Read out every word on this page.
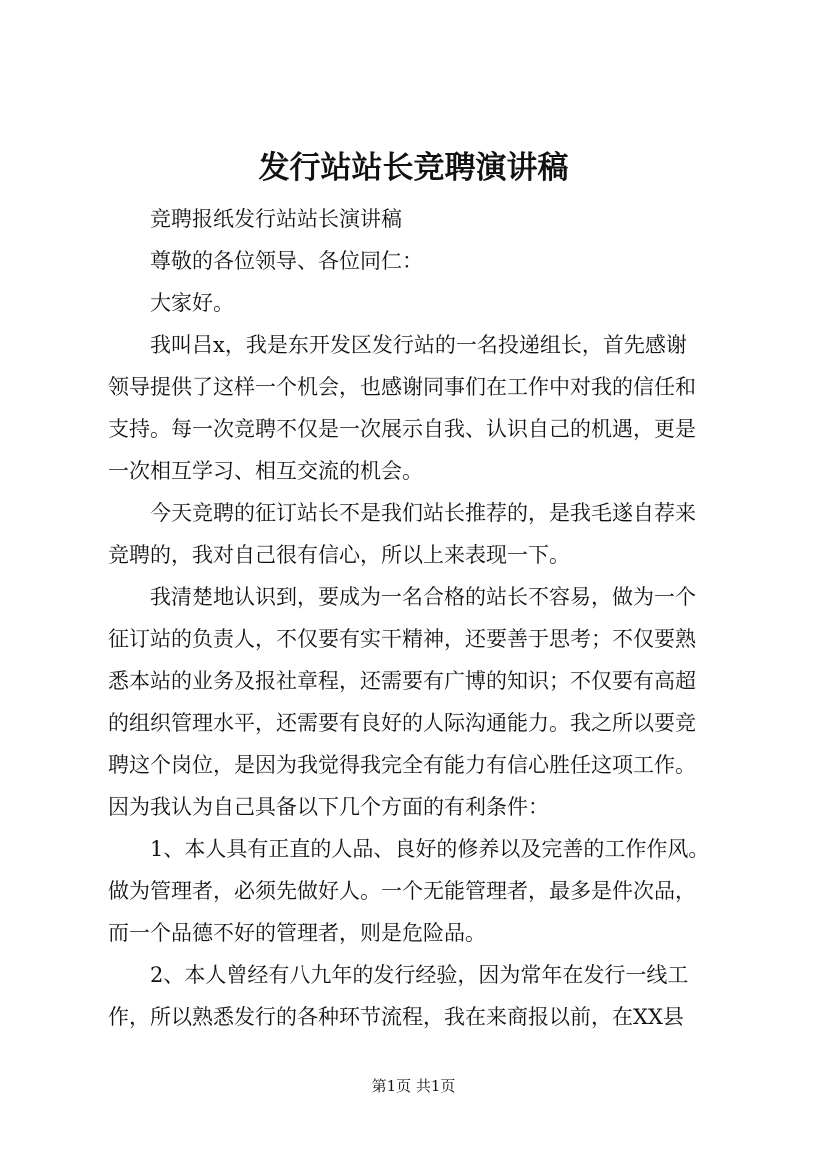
发行站站长竞聘演讲稿
竞聘报纸发行站站长演讲稿
尊敬的各位领导、各位同仁：
大家好。
我叫吕x，我是东开发区发行站的一名投递组长，首先感谢
领导提供了这样一个机会，也感谢同事们在工作中对我的信任和
支持。每一次竞聘不仅是一次展示自我、认识自己的机遇，更是
一次相互学习、相互交流的机会。
今天竞聘的征订站长不是我们站长推荐的，是我毛遂自荐来
竞聘的，我对自己很有信心，所以上来表现一下。
我清楚地认识到，要成为一名合格的站长不容易，做为一个
征订站的负责人，不仅要有实干精神，还要善于思考；不仅要熟
悉本站的业务及报社章程，还需要有广博的知识；不仅要有高超
的组织管理水平，还需要有良好的人际沟通能力。我之所以要竞
聘这个岗位，是因为我觉得我完全有能力有信心胜任这项工作。
因为我认为自己具备以下几个方面的有利条件：
1、本人具有正直的人品、良好的修养以及完善的工作作风。
做为管理者，必须先做好人。一个无能管理者，最多是件次品，
而一个品德不好的管理者，则是危险品。
2、本人曾经有八九年的发行经验，因为常年在发行一线工
作，所以熟悉发行的各种环节流程，我在来商报以前，在XX县
第1页 共1页
